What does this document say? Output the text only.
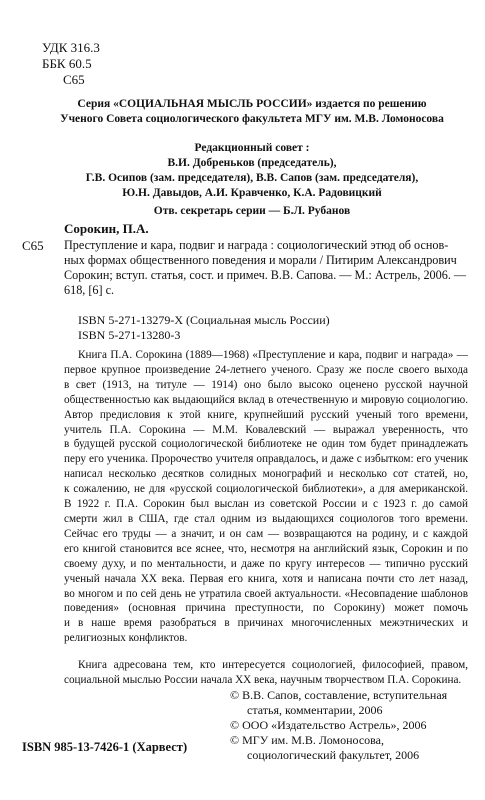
УДК 316.3
ББК 60.5
С65
Серия «СОЦИАЛЬНАЯ МЫСЛЬ РОССИИ» издается по решению
Ученого Совета социологического факультета МГУ им. М.В. Ломоносова
Редакционный совет :
В.И. Добреньков (председатель),
Г.В. Осипов (зам. председателя), В.В. Сапов (зам. председателя),
Ю.Н. Давыдов, А.И. Кравченко, К.А. Радовицкий
Отв. секретарь серии — Б.Л. Рубанов
Сорокин, П.А.
С65 Преступление и кара, подвиг и награда : социологический этюд об основ-
ных формах общественного поведения и морали / Питирим Александрович
Сорокин; вступ. статья, сост. и примеч. В.В. Сапова. — М.: Астрель, 2006. —
618, [6] с.
ISBN 5-271-13279-X (Социальная мысль России)
ISBN 5-271-13280-3
Книга П.А. Сорокина (1889—1968) «Преступление и кара, подвиг и награда» —
первое крупное произведение 24-летнего ученого. Сразу же после своего выхода
в свет (1913, на титуле — 1914) оно было высоко оценено русской научной
общественностью как выдающийся вклад в отечественную и мировую социологию.
Автор предисловия к этой книге, крупнейший русский ученый того времени,
учитель П.А. Сорокина — М.М. Ковалевский — выражал уверенность, что
в будущей русской социологической библиотеке не один том будет принадлежать
перу его ученика. Пророчество учителя оправдалось, и даже с избытком: его ученик
написал несколько десятков солидных монографий и несколько сот статей, но,
к сожалению, не для «русской социологической библиотеки», а для американской.
В 1922 г. П.А. Сорокин был выслан из советской России и с 1923 г. до самой
смерти жил в США, где стал одним из выдающихся социологов того времени.
Сейчас его труды — а значит, и он сам — возвращаются на родину, и с каждой
его книгой становится все яснее, что, несмотря на английский язык, Сорокин и по
своему духу, и по ментальности, и даже по кругу интересов — типично русский
ученый начала XX века. Первая его книга, хотя и написана почти сто лет назад,
во многом и по сей день не утратила своей актуальности. «Несовпадение шаблонов
поведения» (основная причина преступности, по Сорокину) может помочь
и в наше время разобраться в причинах многочисленных межэтнических и
религиозных конфликтов.
Книга адресована тем, кто интересуется социологией, философией, правом,
социальной мыслью России начала XX века, научным творчеством П.А. Сорокина.
© В.В. Сапов, составление, вступительная
статья, комментарии, 2006
© ООО «Издательство Астрель», 2006
© МГУ им. М.В. Ломоносова,
социологический факультет, 2006
ISBN 985-13-7426-1 (Харвест)
